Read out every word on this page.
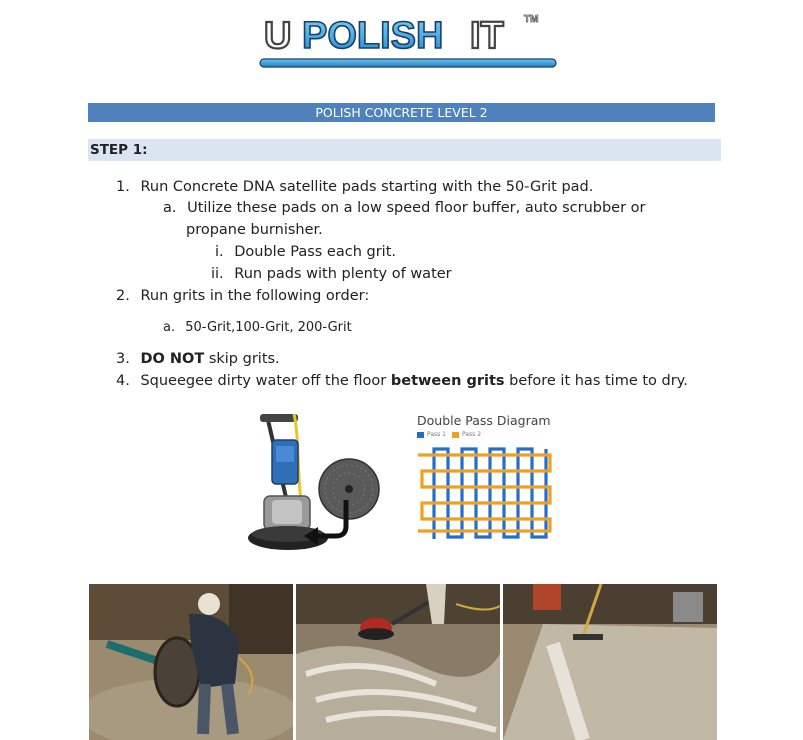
U POLISH IT TM
POLISH CONCRETE LEVEL 2
STEP 1:
1. Run Concrete DNA satellite pads starting with the 50-Grit pad.
a. Utilize these pads on a low speed floor buffer, auto scrubber or
propane burnisher.
i. Double Pass each grit.
ii. Run pads with plenty of water
2. Run grits in the following order:
a. 50-Grit,100-Grit, 200-Grit
3. DO NOT skip grits.
4. Squeegee dirty water off the floor between grits before it has time to dry.
Double Pass Diagram
Pass 1	Pass 2
